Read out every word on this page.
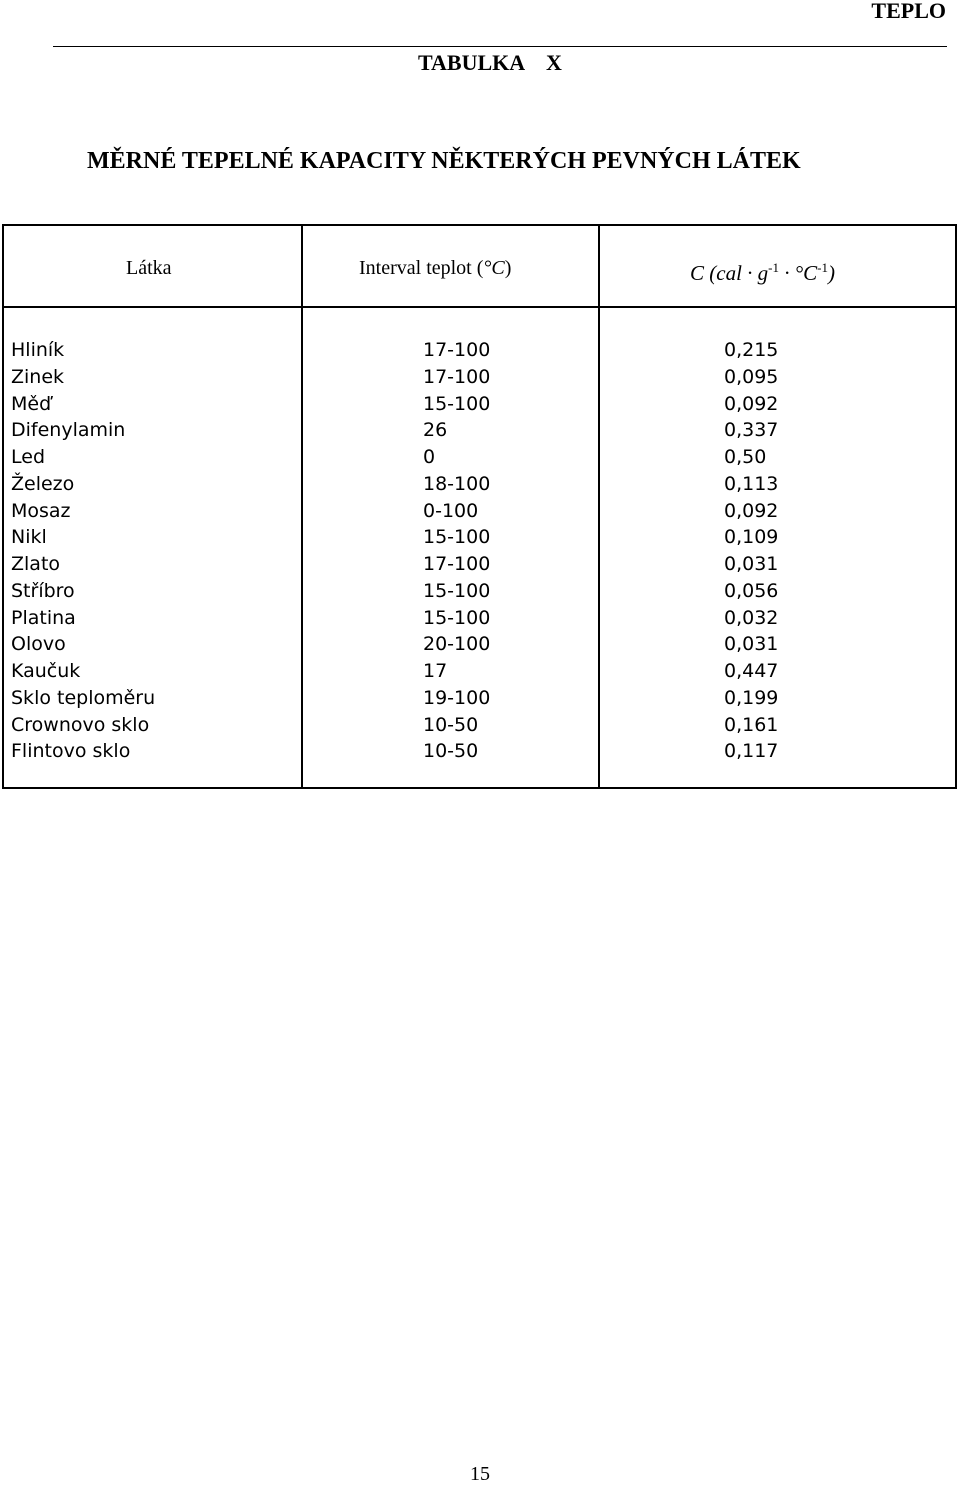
TEPLO
TABULKA    X
MĚRNÉ TEPELNÉ KAPACITY NĚKTERÝCH PEVNÝCH LÁTEK
Látka	Interval teplot (°C)	C $(cal \cdot g^{-1} \cdot ^\circ C^{-1})$
Hliník	17-100	0,215
Zinek	17-100	0,095
Měď	15-100	0,092
Difenylamin	26	0,337
Led	0	0,50
Železo	18-100	0,113
Mosaz	0-100	0,092
Nikl	15-100	0,109
Zlato	17-100	0,031
Stříbro	15-100	0,056
Platina	15-100	0,032
Olovo	20-100	0,031
Kaučuk	17	0,447
Sklo teploměru	19-100	0,199
Crownovo sklo	10-50	0,161
Flintovo sklo	10-50	0,117
15
